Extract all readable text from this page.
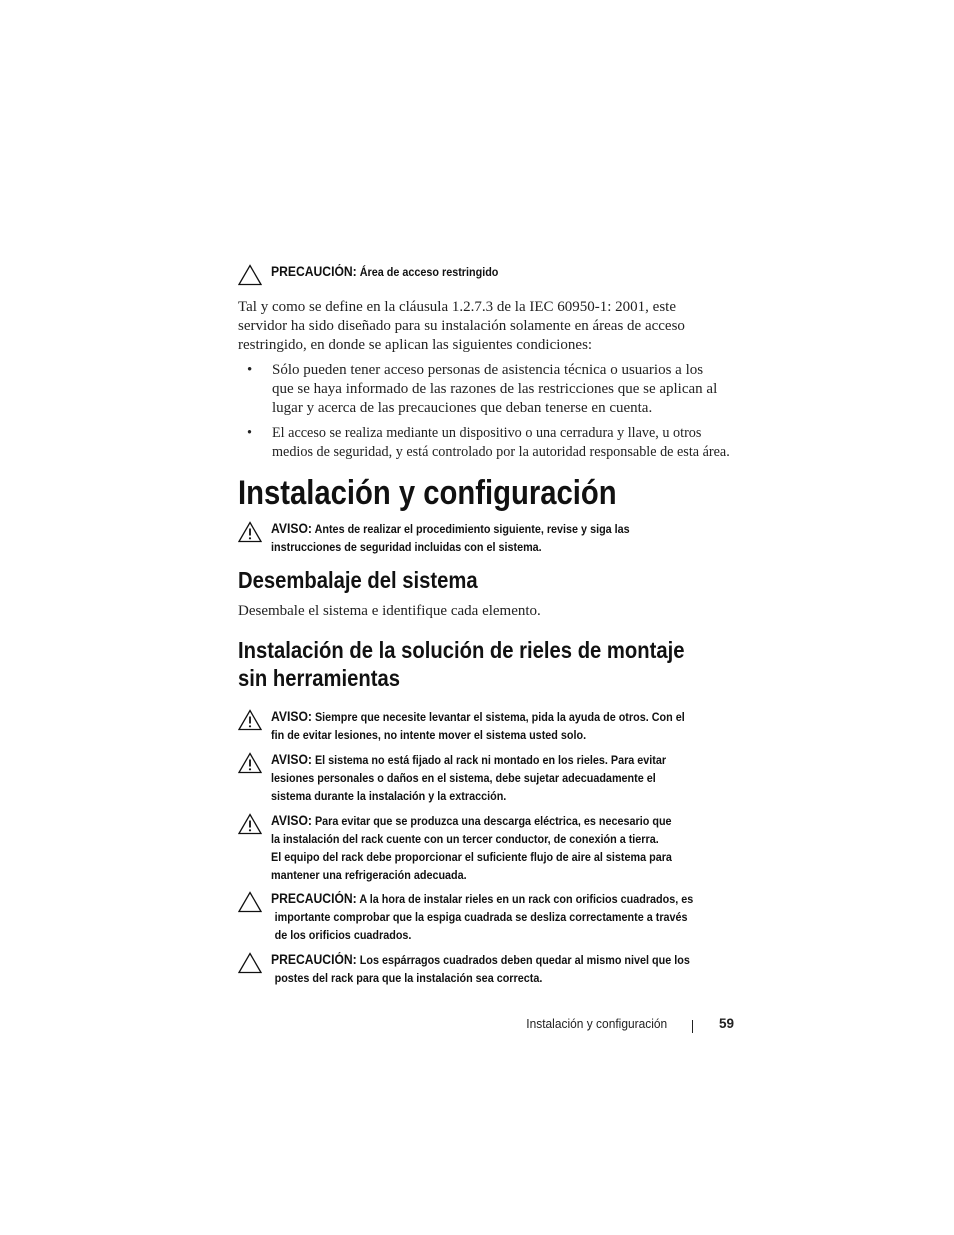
PRECAUCIÓN: Área de acceso restringido
Tal y como se define en la cláusula 1.2.7.3 de la IEC 60950-1: 2001, este
servidor ha sido diseñado para su instalación solamente en áreas de acceso
restringido, en donde se aplican las siguientes condiciones:
• Sólo pueden tener acceso personas de asistencia técnica o usuarios a los
que se haya informado de las razones de las restricciones que se aplican al
lugar y acerca de las precauciones que deban tenerse en cuenta.
• El acceso se realiza mediante un dispositivo o una cerradura y llave, u otros
medios de seguridad, y está controlado por la autoridad responsable de esta área.
Instalación y configuración
AVISO: Antes de realizar el procedimiento siguiente, revise y siga las
instrucciones de seguridad incluidas con el sistema.
Desembalaje del sistema
Desembale el sistema e identifique cada elemento.
Instalación de la solución de rieles de montaje
sin herramientas
AVISO: Siempre que necesite levantar el sistema, pida la ayuda de otros. Con el
fin de evitar lesiones, no intente mover el sistema usted solo.
AVISO: El sistema no está fijado al rack ni montado en los rieles. Para evitar
lesiones personales o daños en el sistema, debe sujetar adecuadamente el
sistema durante la instalación y la extracción.
AVISO: Para evitar que se produzca una descarga eléctrica, es necesario que
la instalación del rack cuente con un tercer conductor, de conexión a tierra.
El equipo del rack debe proporcionar el suficiente flujo de aire al sistema para
mantener una refrigeración adecuada.
PRECAUCIÓN: A la hora de instalar rieles en un rack con orificios cuadrados, es
importante comprobar que la espiga cuadrada se desliza correctamente a través
de los orificios cuadrados.
PRECAUCIÓN: Los espárragos cuadrados deben quedar al mismo nivel que los
postes del rack para que la instalación sea correcta.
Instalación y configuración	59
